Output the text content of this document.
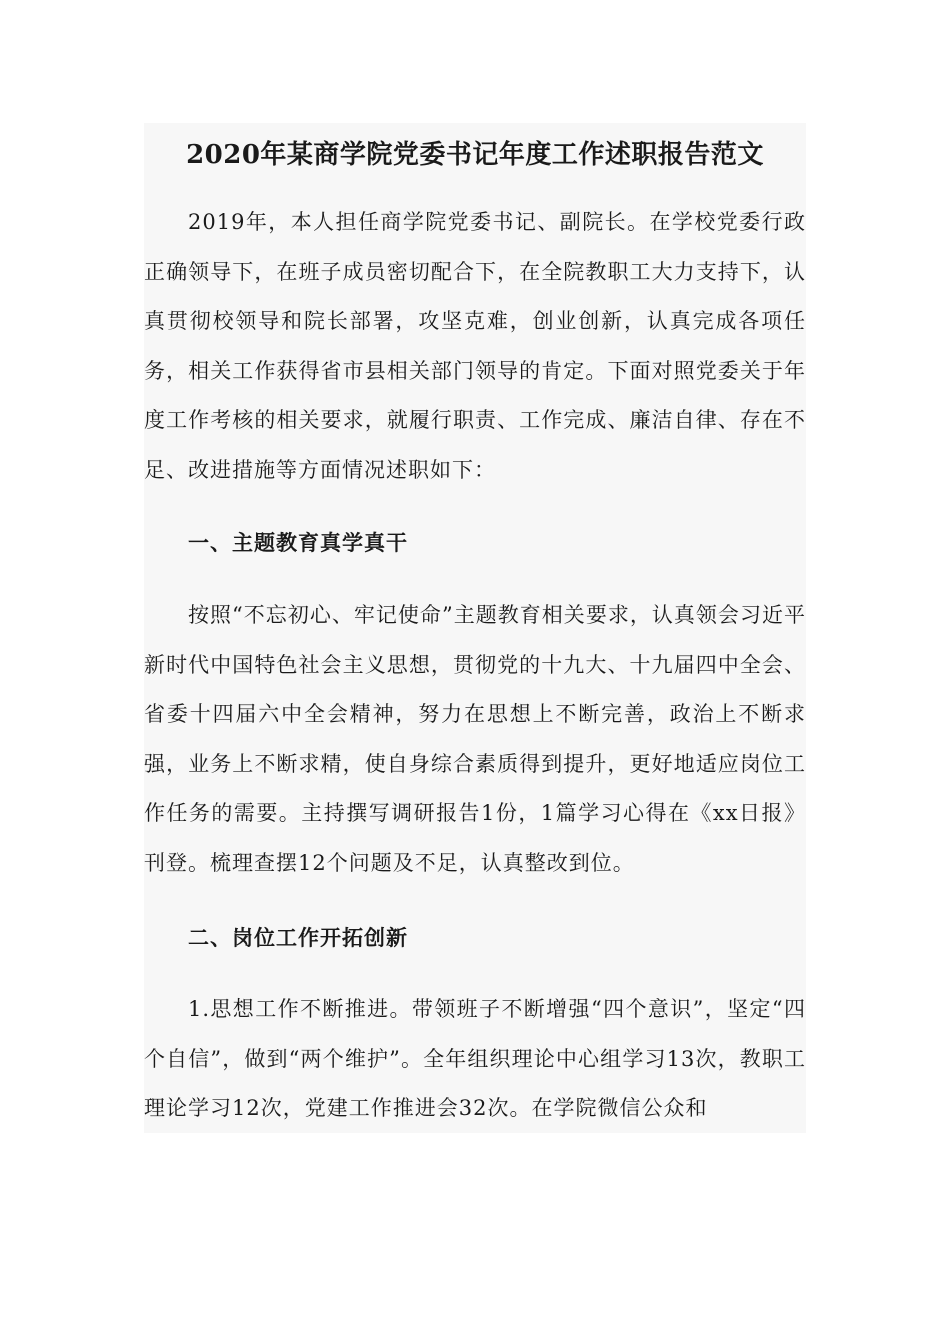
2020年某商学院党委书记年度工作述职报告范文

2019年，本人担任商学院党委书记、副院长。在学校党委行政正确领导下，在班子成员密切配合下，在全院教职工大力支持下，认真贯彻校领导和院长部署，攻坚克难，创业创新，认真完成各项任务，相关工作获得省市县相关部门领导的肯定。下面对照党委关于年度工作考核的相关要求，就履行职责、工作完成、廉洁自律、存在不足、改进措施等方面情况述职如下：

一、主题教育真学真干

按照“不忘初心、牢记使命”主题教育相关要求，认真领会习近平新时代中国特色社会主义思想，贯彻党的十九大、十九届四中全会、省委十四届六中全会精神，努力在思想上不断完善，政治上不断求强，业务上不断求精，使自身综合素质得到提升，更好地适应岗位工作任务的需要。主持撰写调研报告1份，1篇学习心得在《xx日报》刊登。梳理查摆12个问题及不足，认真整改到位。

二、岗位工作开拓创新

1.思想工作不断推进。带领班子不断增强“四个意识”，坚定“四个自信”，做到“两个维护”。全年组织理论中心组学习13次，教职工理论学习12次，党建工作推进会32次。在学院微信公众和
